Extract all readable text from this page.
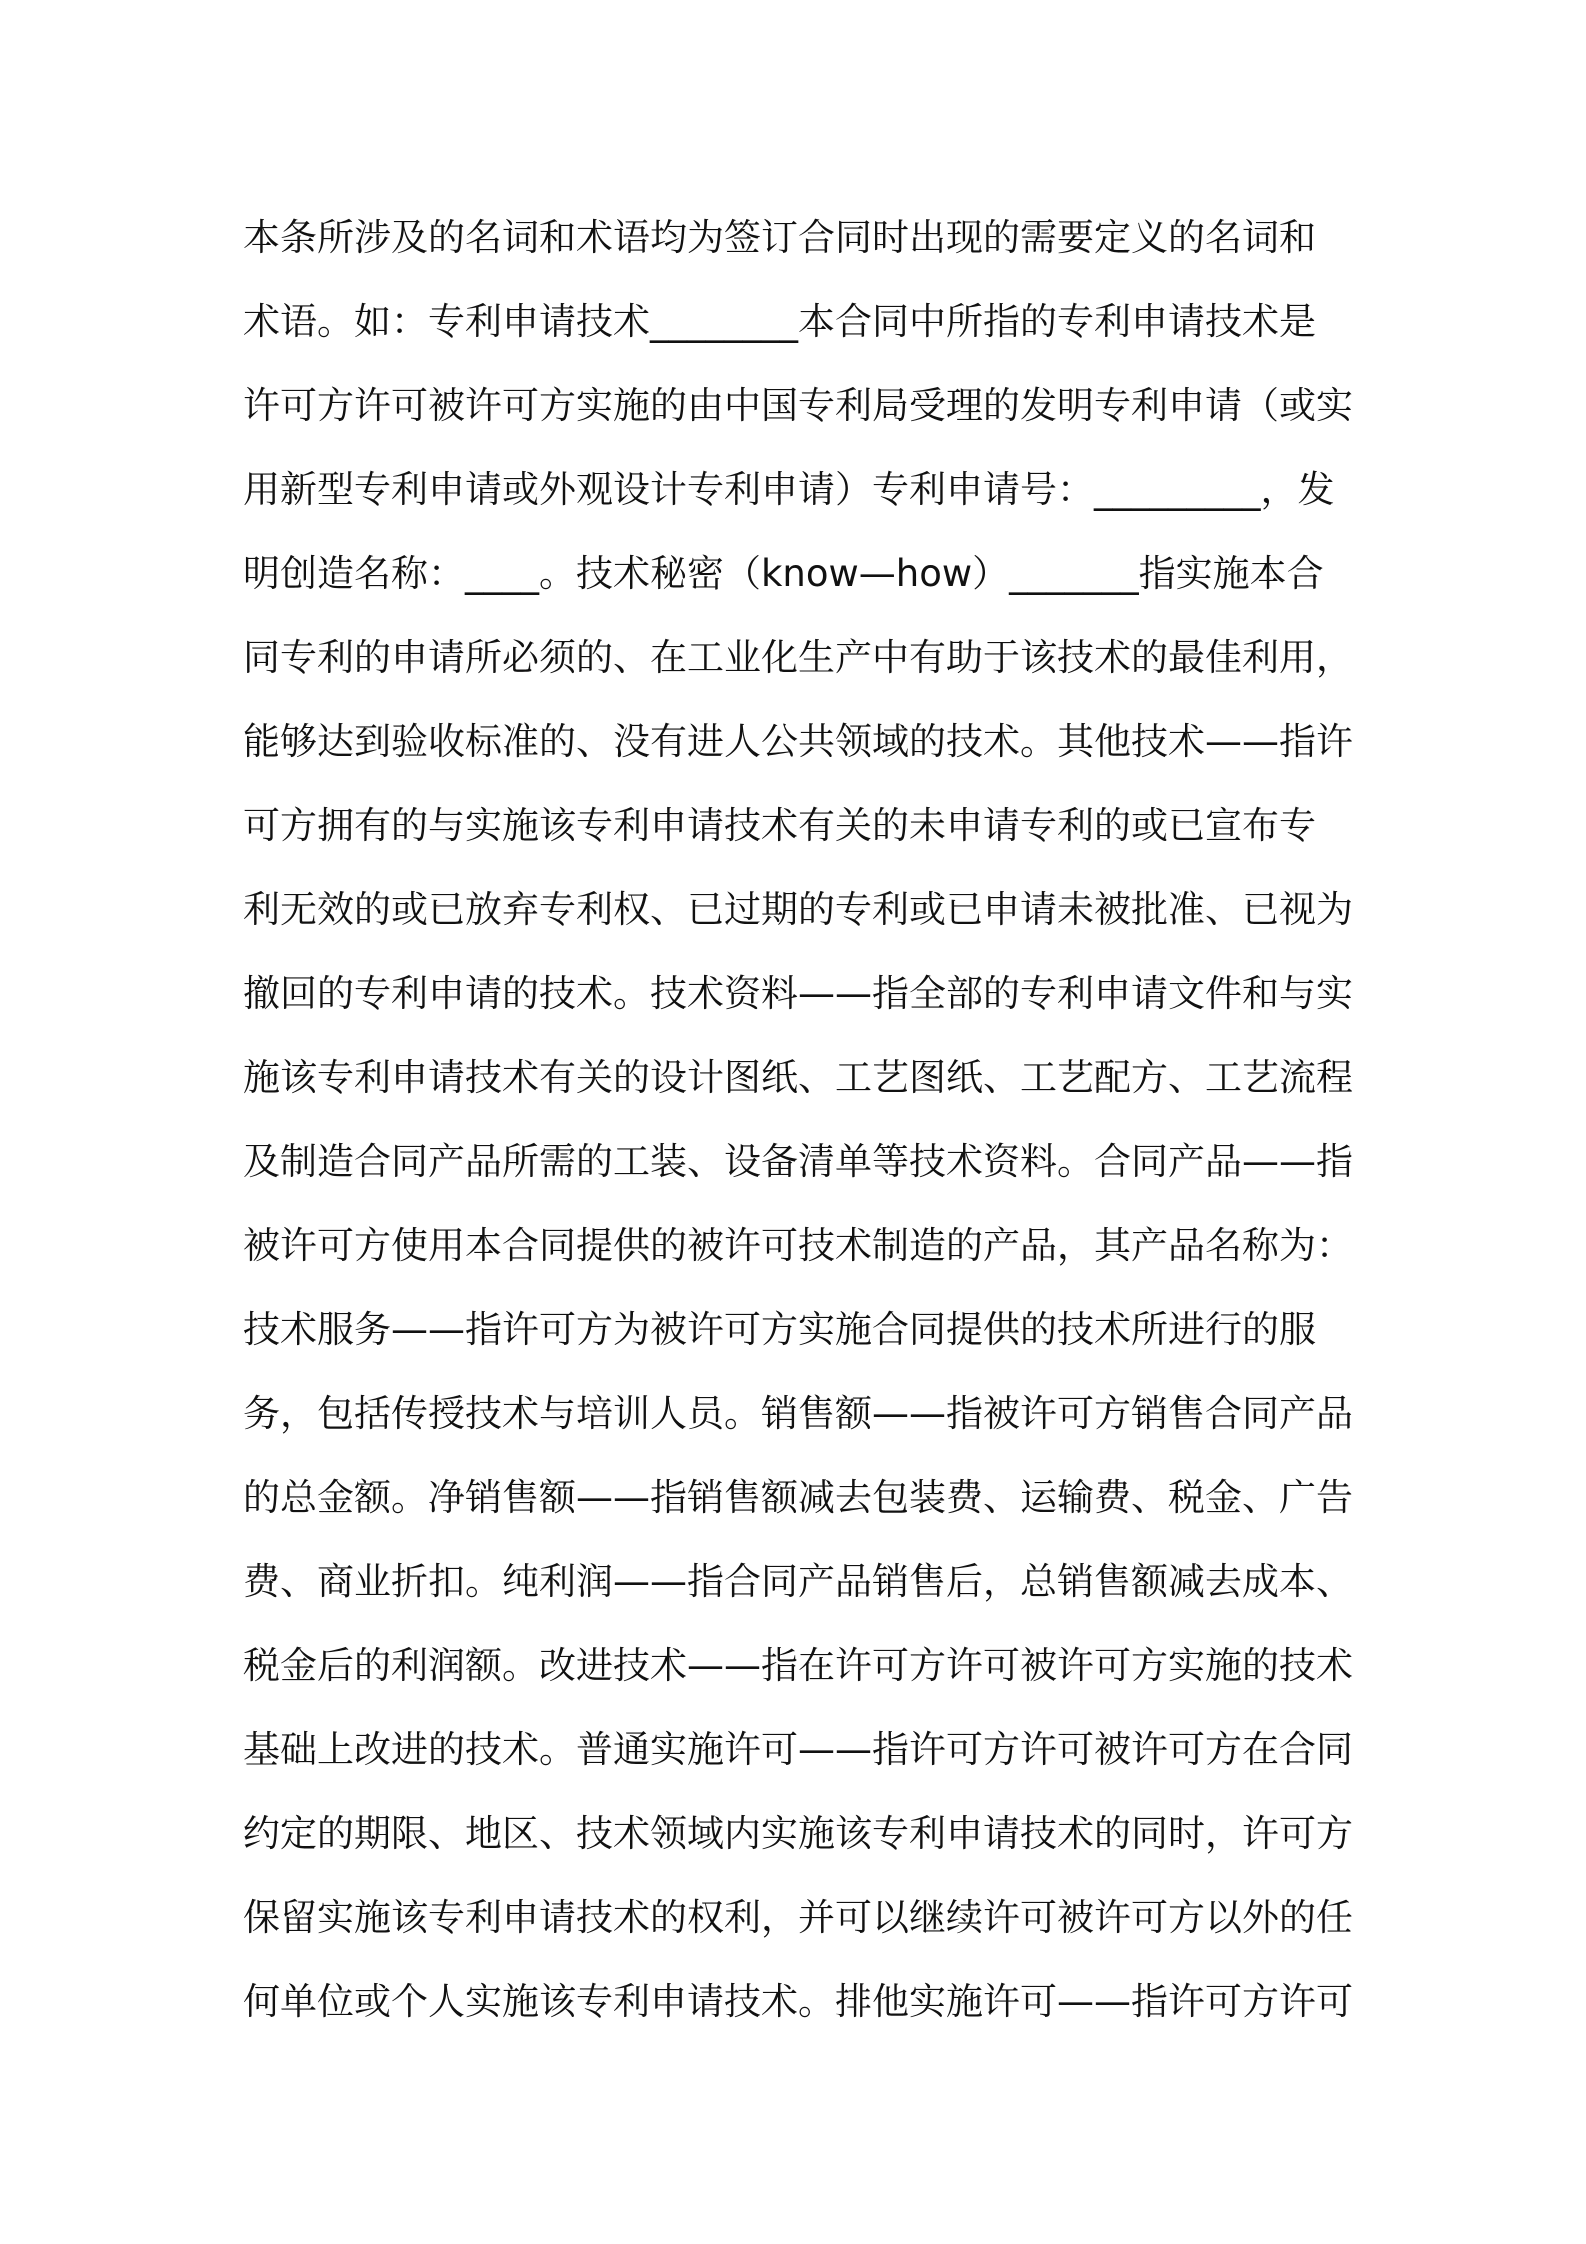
本条所涉及的名词和术语均为签订合同时出现的需要定义的名词和
术语。如：专利申请技术________本合同中所指的专利申请技术是
许可方许可被许可方实施的由中国专利局受理的发明专利申请（或实
用新型专利申请或外观设计专利申请）专利申请号：_________，发
明创造名称：____。技术秘密（know—how）_______指实施本合
同专利的申请所必须的、在工业化生产中有助于该技术的最佳利用，
能够达到验收标准的、没有进人公共领域的技术。其他技术——指许
可方拥有的与实施该专利申请技术有关的未申请专利的或已宣布专
利无效的或已放弃专利权、已过期的专利或已申请未被批准、已视为
撤回的专利申请的技术。技术资料——指全部的专利申请文件和与实
施该专利申请技术有关的设计图纸、工艺图纸、工艺配方、工艺流程
及制造合同产品所需的工装、设备清单等技术资料。合同产品——指
被许可方使用本合同提供的被许可技术制造的产品，其产品名称为：
技术服务——指许可方为被许可方实施合同提供的技术所进行的服
务，包括传授技术与培训人员。销售额——指被许可方销售合同产品
的总金额。净销售额——指销售额减去包装费、运输费、税金、广告
费、商业折扣。纯利润——指合同产品销售后，总销售额减去成本、
税金后的利润额。改进技术——指在许可方许可被许可方实施的技术
基础上改进的技术。普通实施许可——指许可方许可被许可方在合同
约定的期限、地区、技术领域内实施该专利申请技术的同时，许可方
保留实施该专利申请技术的权利，并可以继续许可被许可方以外的任
何单位或个人实施该专利申请技术。排他实施许可——指许可方许可
